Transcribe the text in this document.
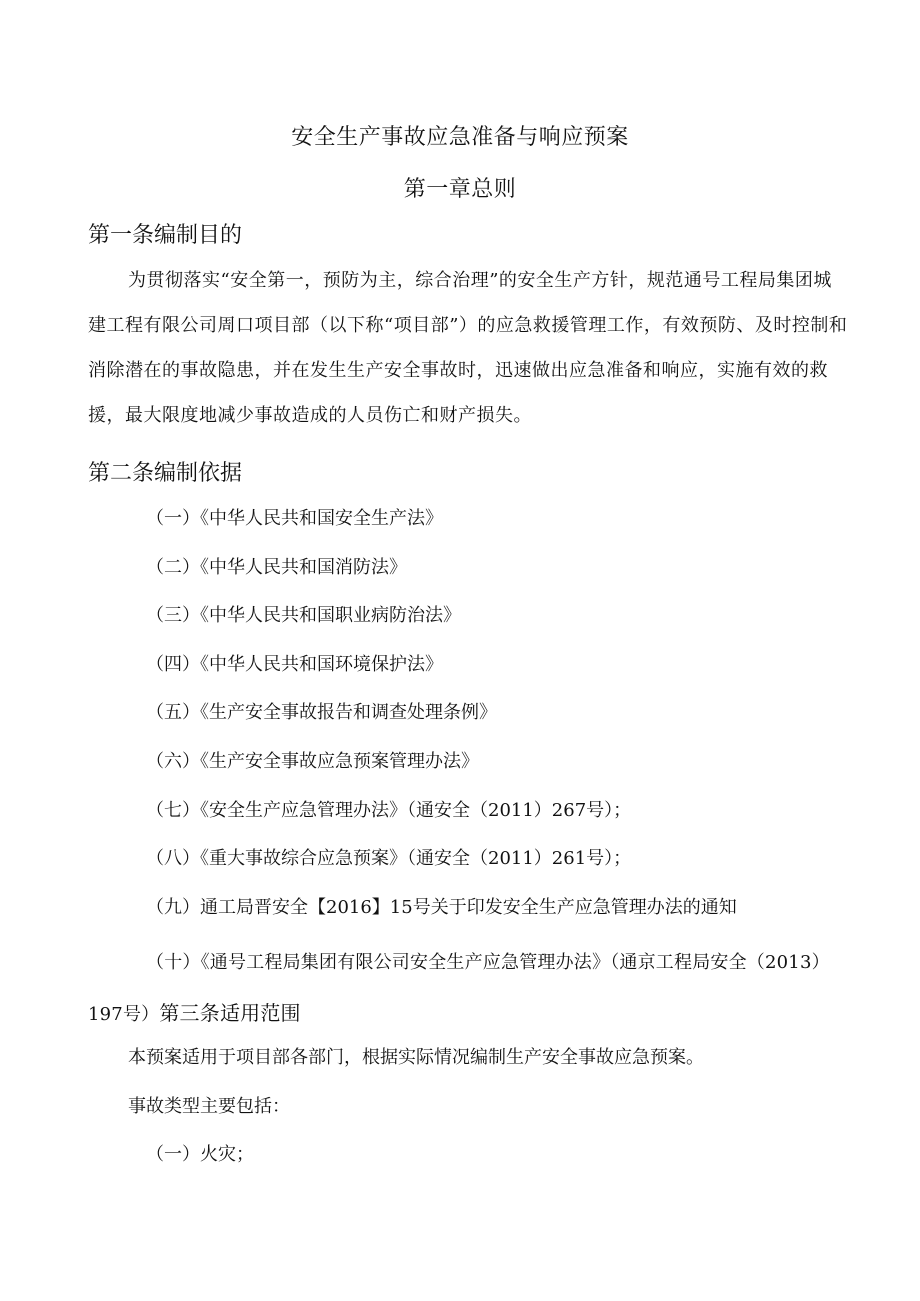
安全生产事故应急准备与响应预案
第一章总则
第一条编制目的
为贯彻落实“安全第一，预防为主，综合治理”的安全生产方针，规范通号工程局集团城建工程有限公司周口项目部（以下称“项目部”）的应急救援管理工作，有效预防、及时控制和消除潜在的事故隐患，并在发生生产安全事故时，迅速做出应急准备和响应，实施有效的救援，最大限度地减少事故造成的人员伤亡和财产损失。
第二条编制依据
（一）《中华人民共和国安全生产法》
（二）《中华人民共和国消防法》
（三）《中华人民共和国职业病防治法》
（四）《中华人民共和国环境保护法》
（五）《生产安全事故报告和调查处理条例》
（六）《生产安全事故应急预案管理办法》
（七）《安全生产应急管理办法》（通安全（2011）267号）；
（八）《重大事故综合应急预案》（通安全（2011）261号）；
（九）通工局晋安全【2016】15号关于印发安全生产应急管理办法的通知
（十）《通号工程局集团有限公司安全生产应急管理办法》（通京工程局安全（2013）197号）第三条适用范围
本预案适用于项目部各部门，根据实际情况编制生产安全事故应急预案。
事故类型主要包括：
（一）火灾；
